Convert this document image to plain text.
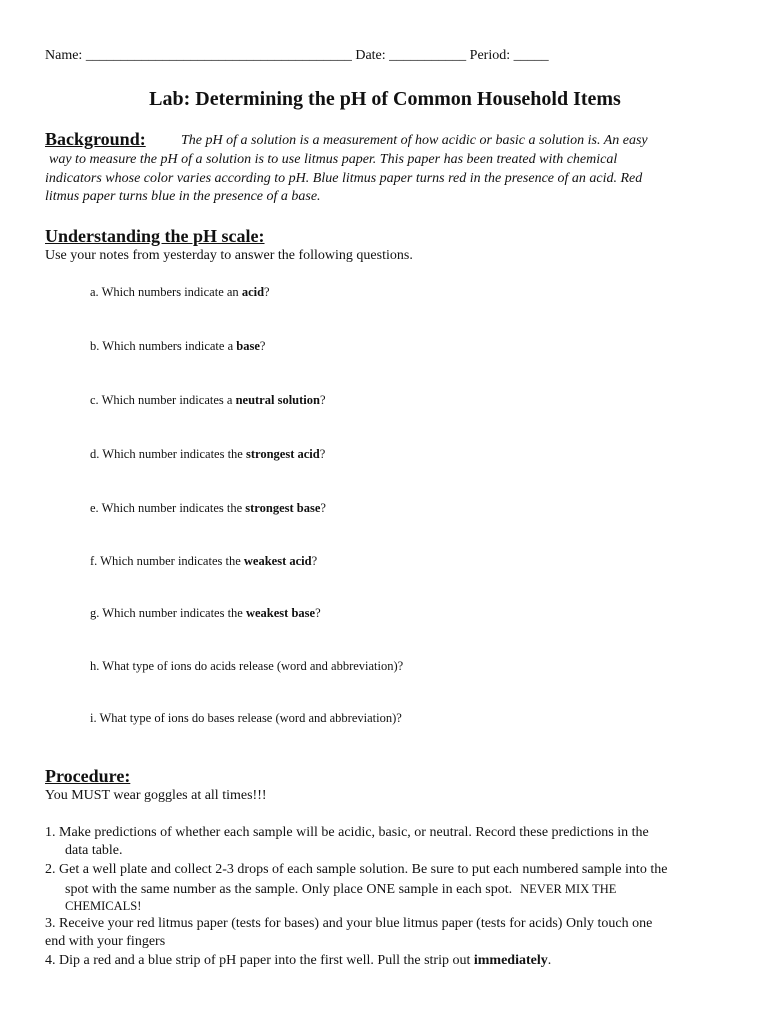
Name: ______________________________________ Date: ___________ Period: _____
Lab: Determining the pH of Common Household Items
Background:	The pH of a solution is a measurement of how acidic or basic a solution is. An easy
way to measure the pH of a solution is to use litmus paper. This paper has been treated with chemical
indicators whose color varies according to pH. Blue litmus paper turns red in the presence of an acid. Red
litmus paper turns blue in the presence of a base.
Understanding the pH scale:
Use your notes from yesterday to answer the following questions.
a. Which numbers indicate an acid?
b. Which numbers indicate a base?
c. Which number indicates a neutral solution?
d. Which number indicates the strongest acid?
e. Which number indicates the strongest base?
f. Which number indicates the weakest acid?
g. Which number indicates the weakest base?
h. What type of ions do acids release (word and abbreviation)?
i. What type of ions do bases release (word and abbreviation)?
Procedure:
You MUST wear goggles at all times!!!
1. Make predictions of whether each sample will be acidic, basic, or neutral. Record these predictions in the
data table.
2. Get a well plate and collect 2-3 drops of each sample solution. Be sure to put each numbered sample into the
spot with the same number as the sample. Only place ONE sample in each spot. NEVER MIX THE
CHEMICALS!
3. Receive your red litmus paper (tests for bases) and your blue litmus paper (tests for acids) Only touch one
end with your fingers
4. Dip a red and a blue strip of pH paper into the first well. Pull the strip out immediately.
